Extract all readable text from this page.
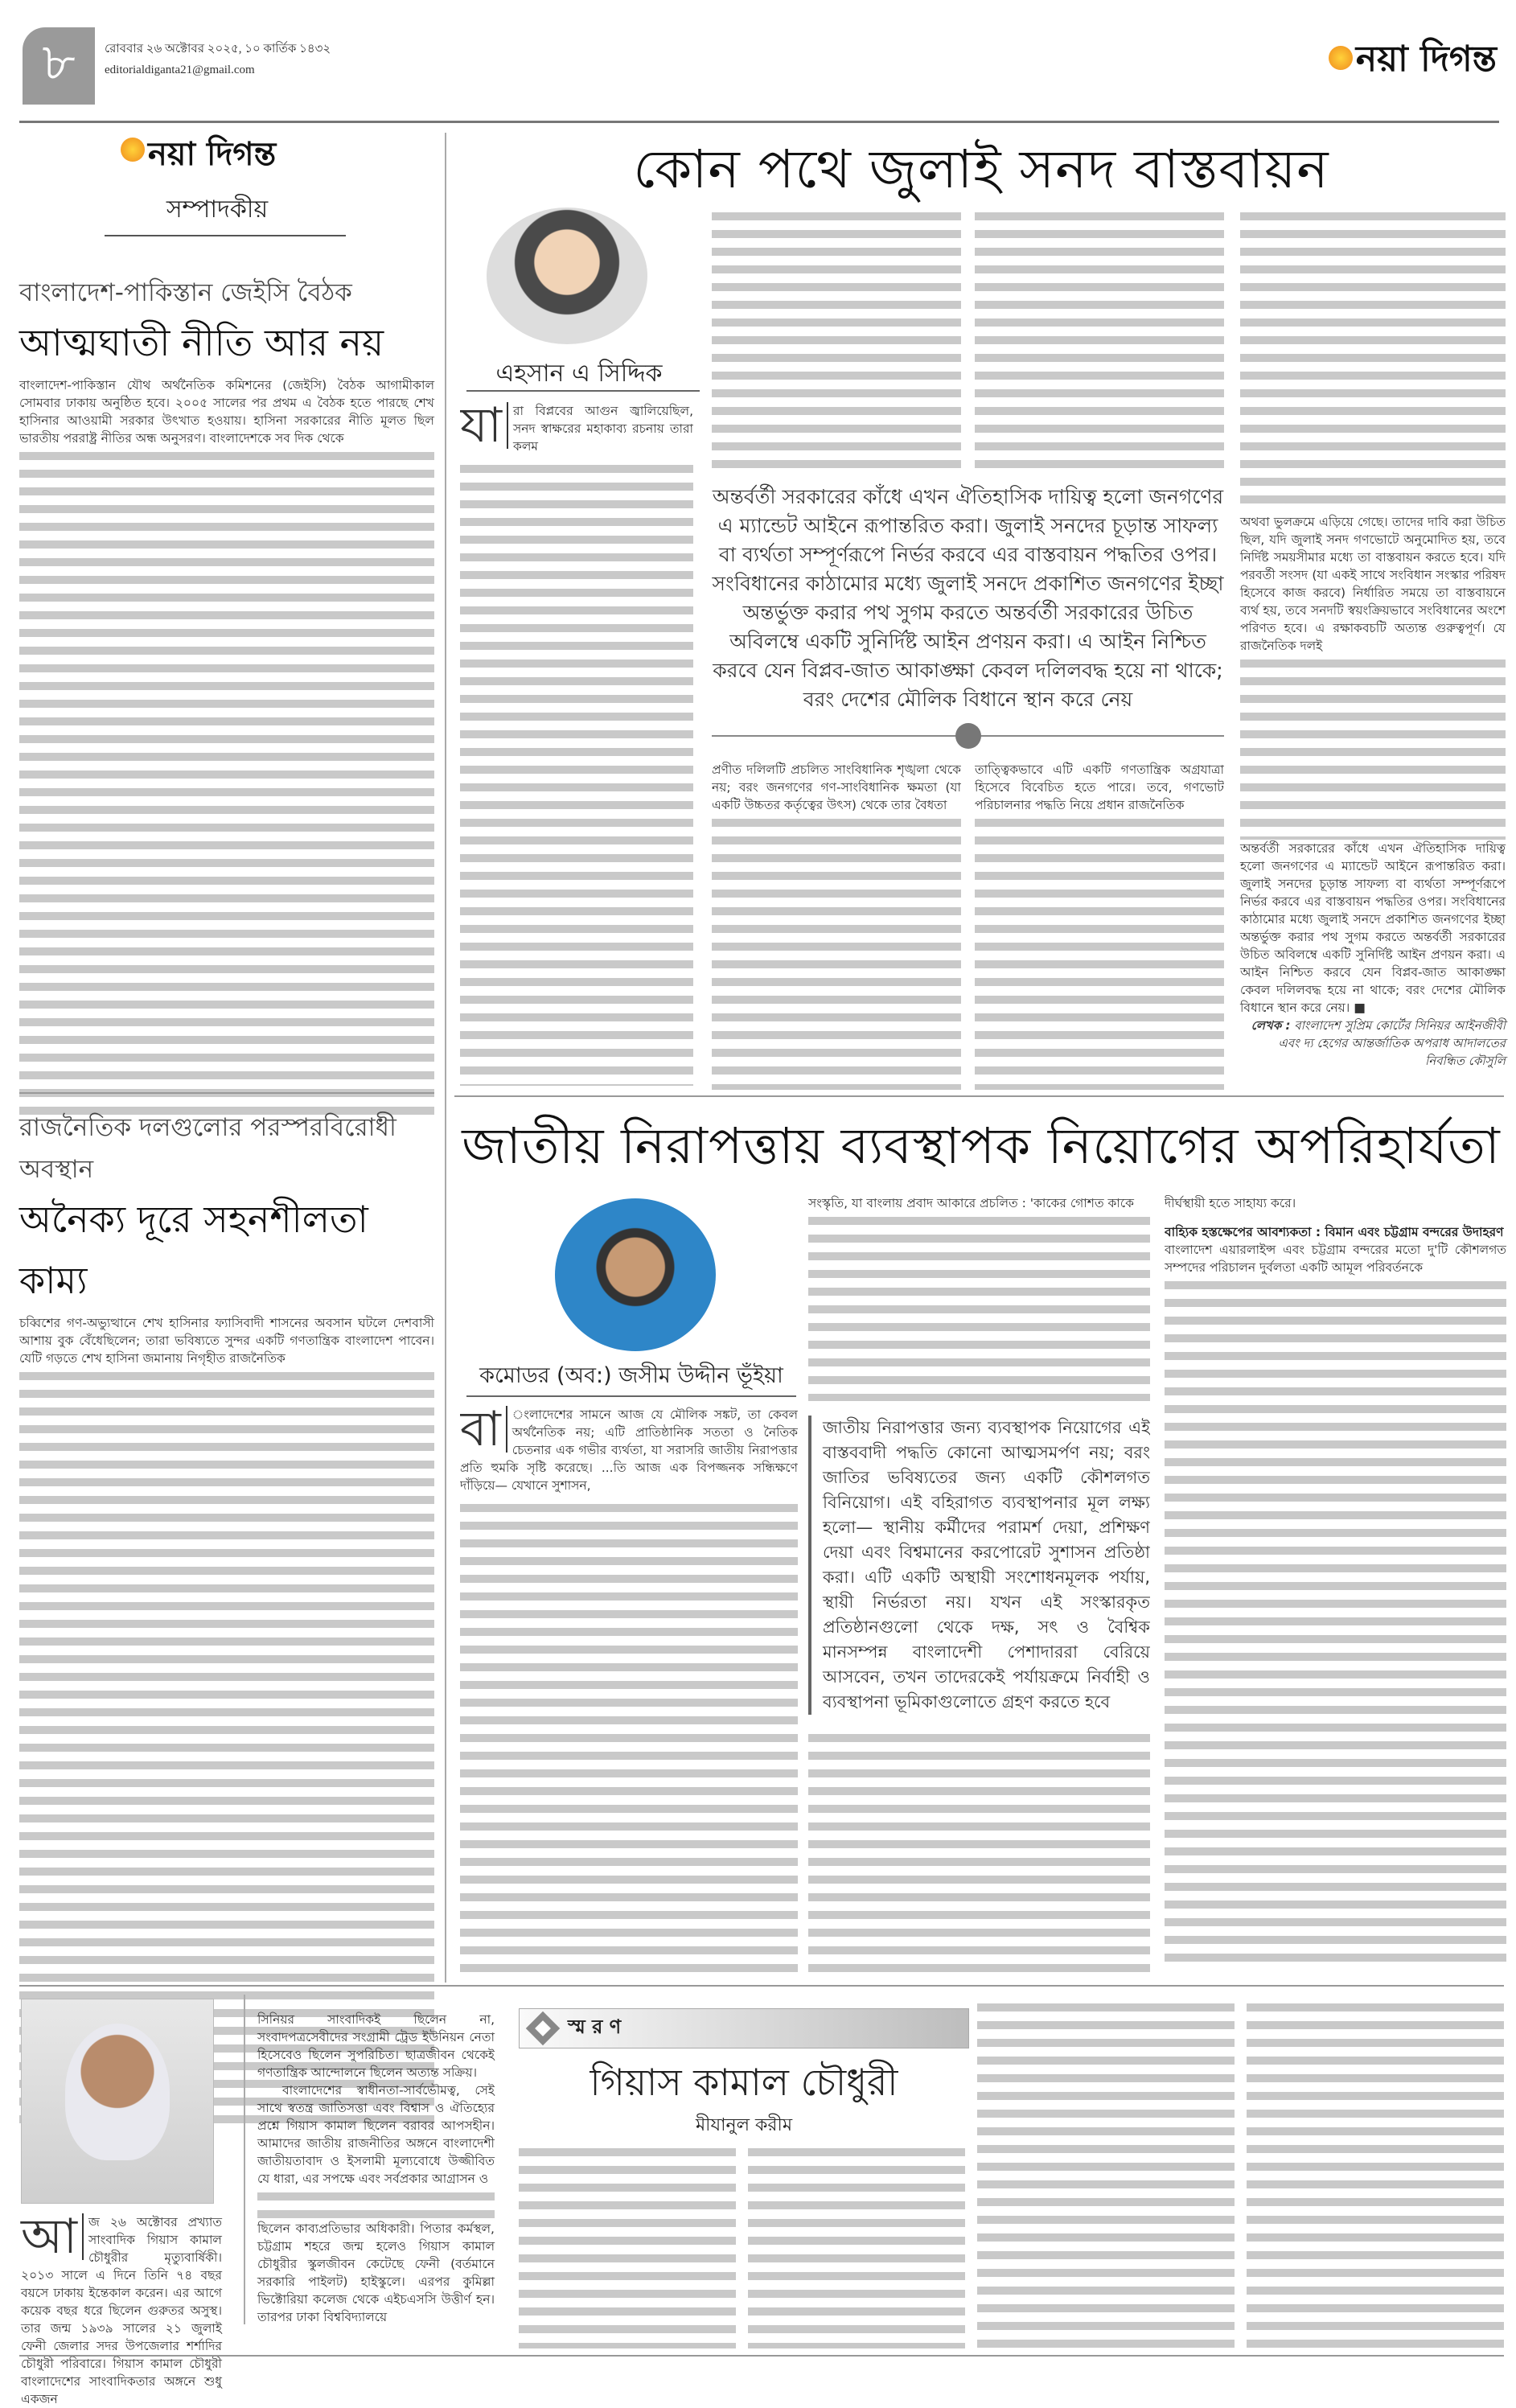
৮ রোববার ২৬ অক্টোবর ২০২৫, ১০ কার্তিক ১৪৩২
editorialdiganta21@gmail.com	নয়া দিগন্ত
নয়া দিগন্ত
সম্পাদকীয়
বাংলাদেশ-পাকিস্তান জেইসি বৈঠক
আত্মঘাতী নীতি আর নয়

বাংলাদেশ-পাকিস্তান যৌথ অর্থনৈতিক কমিশনের (জেইসি) বৈঠক আগামীকাল সোমবার ঢাকায় অনুষ্ঠিত হবে। ২০০৫ সালের পর প্রথম এ বৈঠক হতে পারছে শেখ হাসিনার আওয়ামী সরকার উৎখাত হওয়ায়। হাসিনা সরকারের নীতি মূলত ছিল ভারতীয় পররাষ্ট্র নীতির অন্ধ অনুসরণ। বাংলাদেশকে সব দিক থেকে

রাজনৈতিক দলগুলোর পরস্পরবিরোধী অবস্থান
অনৈক্য দূরে সহনশীলতা কাম্য

চব্বিশের গণ-অভ্যুত্থানে শেখ হাসিনার ফ্যাসিবাদী শাসনের অবসান ঘটলে দেশবাসী আশায় বুক বেঁধেছিলেন; তারা ভবিষ্যতে সুন্দর একটি গণতান্ত্রিক বাংলাদেশ পাবেন। যেটি গড়তে শেখ হাসিনা জমানায় নিগৃহীত রাজনৈতিক

কোন পথে জুলাই সনদ বাস্তবায়ন
এহসান এ সিদ্দিক
যা রা বিপ্লবের আগুন জ্বালিয়েছিল, সনদ স্বাক্ষরের মহাকাব্য রচনায় তারা কলম
অন্তর্বর্তী সরকারের কাঁধে এখন ঐতিহাসিক দায়িত্ব হলো জনগণের এ ম্যান্ডেট আইনে রূপান্তরিত করা। জুলাই সনদের চূড়ান্ত সাফল্য বা ব্যর্থতা সম্পূর্ণরূপে নির্ভর করবে এর বাস্তবায়ন পদ্ধতির ওপর। সংবিধানের কাঠামোর মধ্যে জুলাই সনদে প্রকাশিত জনগণের ইচ্ছা অন্তর্ভুক্ত করার পথ সুগম করতে অন্তর্বর্তী সরকারের উচিত অবিলম্বে একটি সুনির্দিষ্ট আইন প্রণয়ন করা। এ আইন নিশ্চিত করবে যেন বিপ্লব-জাত আকাঙ্ক্ষা কেবল দলিলবদ্ধ হয়ে না থাকে; বরং দেশের মৌলিক বিধানে স্থান করে নেয়

প্রণীত দলিলটি প্রচলিত সাংবিধানিক শৃঙ্খলা থেকে নয়; বরং জনগণের গণ-সাংবিধানিক ক্ষমতা (যা একটি উচ্চতর কর্তৃত্বের উৎস) থেকে তার বৈধতা

তাত্ত্বিকভাবে এটি একটি গণতান্ত্রিক অগ্রযাত্রা হিসেবে বিবেচিত হতে পারে। তবে, গণভোট পরিচালনার পদ্ধতি নিয়ে প্রধান রাজনৈতিক

অথবা ভুলক্রমে এড়িয়ে গেছে। তাদের দাবি করা উচিত ছিল, যদি জুলাই সনদ গণভোটে অনুমোদিত হয়, তবে নির্দিষ্ট সময়সীমার মধ্যে তা বাস্তবায়ন করতে হবে। যদি পরবর্তী সংসদ (যা একই সাথে সংবিধান সংস্কার পরিষদ হিসেবে কাজ করবে) নির্ধারিত সময়ে তা বাস্তবায়নে ব্যর্থ হয়, তবে সনদটি স্বয়ংক্রিয়ভাবে সংবিধানের অংশে পরিণত হবে। এ রক্ষাকবচটি অত্যন্ত গুরুত্বপূর্ণ। যে রাজনৈতিক দলই

অন্তর্বর্তী সরকারের কাঁধে এখন ঐতিহাসিক দায়িত্ব হলো জনগণের এ ম্যান্ডেট আইনে রূপান্তরিত করা। জুলাই সনদের চূড়ান্ত সাফল্য বা ব্যর্থতা সম্পূর্ণরূপে নির্ভর করবে এর বাস্তবায়ন পদ্ধতির ওপর। সংবিধানের কাঠামোর মধ্যে জুলাই সনদে প্রকাশিত জনগণের ইচ্ছা অন্তর্ভুক্ত করার পথ সুগম করতে অন্তর্বর্তী সরকারের উচিত অবিলম্বে একটি সুনির্দিষ্ট আইন প্রণয়ন করা। এ আইন নিশ্চিত করবে যেন বিপ্লব-জাত আকাঙ্ক্ষা কেবল দলিলবদ্ধ হয়ে না থাকে; বরং দেশের মৌলিক বিধানে স্থান করে নেয়। ■

লেখক : বাংলাদেশ সুপ্রিম কোর্টের সিনিয়র আইনজীবী এবং দ্য হেগের আন্তর্জাতিক অপরাধ আদালতের নিবন্ধিত কৌসুলি
জাতীয় নিরাপত্তায় ব্যবস্থাপক নিয়োগের অপরিহার্যতা
কমোডর (অব:) জসীম উদ্দীন ভূঁইয়া
বা ংলাদেশের সামনে আজ যে মৌলিক সঙ্কট, তা কেবল অর্থনৈতিক নয়; এটি প্রাতিষ্ঠানিক সততা ও নৈতিক চেতনার এক গভীর ব্যর্থতা, যা সরাসরি জাতীয় নিরাপত্তার প্রতি হুমকি সৃষ্টি করেছে। ...তি আজ এক বিপজ্জনক সন্ধিক্ষণে দাঁড়িয়ে— যেখানে সুশাসন,

সংস্কৃতি, যা বাংলায় প্রবাদ আকারে প্রচলিত : 'কাকের গোশত কাকে

জাতীয় নিরাপত্তার জন্য ব্যবস্থাপক নিয়োগের এই বাস্তববাদী পদ্ধতি কোনো আত্মসমর্পণ নয়; বরং জাতির ভবিষ্যতের জন্য একটি কৌশলগত বিনিয়োগ। এই বহিরাগত ব্যবস্থাপনার মূল লক্ষ্য হলো— স্থানীয় কর্মীদের পরামর্শ দেয়া, প্রশিক্ষণ দেয়া এবং বিশ্বমানের করপোরেট সুশাসন প্রতিষ্ঠা করা। এটি একটি অস্থায়ী সংশোধনমূলক পর্যায়, স্থায়ী নির্ভরতা নয়। যখন এই সংস্কারকৃত প্রতিষ্ঠানগুলো থেকে দক্ষ, সৎ ও বৈশ্বিক মানসম্পন্ন বাংলাদেশী পেশাদাররা বেরিয়ে আসবেন, তখন তাদেরকেই পর্যায়ক্রমে নির্বাহী ও ব্যবস্থাপনা ভূমিকাগুলোতে গ্রহণ করতে হবে

দীর্ঘস্থায়ী হতে সাহায্য করে।

বাহ্যিক হস্তক্ষেপের আবশ্যকতা : বিমান এবং চট্টগ্রাম বন্দরের উদাহরণ

বাংলাদেশ এয়ারলাইন্স এবং চট্টগ্রাম বন্দরের মতো দু'টি কৌশলগত সম্পদের পরিচালন দুর্বলতা একটি আমূল পরিবর্তনকে

আ জ ২৬ অক্টোবর প্রখ্যাত সাংবাদিক গিয়াস কামাল চৌধুরীর মৃত্যুবার্ষিকী। ২০১৩ সালে এ দিনে তিনি ৭৪ বছর বয়সে ঢাকায় ইন্তেকাল করেন। এর আগে কয়েক বছর ধরে ছিলেন গুরুতর অসুস্থ। তার জন্ম ১৯৩৯ সালের ২১ জুলাই ফেনী জেলার সদর উপজেলার শর্শাদির চৌধুরী পরিবারে। গিয়াস কামাল চৌধুরী বাংলাদেশের সাংবাদিকতার অঙ্গনে শুধু একজন

সিনিয়র সাংবাদিকই ছিলেন না, সংবাদপত্রসেবীদের সংগ্রামী ট্রেড ইউনিয়ন নেতা হিসেবেও ছিলেন সুপরিচিত। ছাত্রজীবন থেকেই গণতান্ত্রিক আন্দোলনে ছিলেন অত্যন্ত সক্রিয়।

বাংলাদেশের স্বাধীনতা-সার্বভৌমত্ব, সেই সাথে স্বতন্ত্র জাতিসত্তা এবং বিশ্বাস ও ঐতিহ্যের প্রশ্নে গিয়াস কামাল ছিলেন বরাবর আপসহীন। আমাদের জাতীয় রাজনীতির অঙ্গনে বাংলাদেশী জাতীয়তাবাদ ও ইসলামী মূল্যবোধে উজ্জীবিত যে ধারা, এর সপক্ষে এবং সর্বপ্রকার আগ্রাসন ও

ছিলেন কাব্যপ্রতিভার অধিকারী। পিতার কর্মস্থল, চট্টগ্রাম শহরে জন্ম হলেও গিয়াস কামাল চৌধুরীর স্কুলজীবন কেটেছে ফেনী (বর্তমানে সরকারি পাইলট) হাইস্কুলে। এরপর কুমিল্লা ভিক্টোরিয়া কলেজ থেকে এইচএসসি উত্তীর্ণ হন। তারপর ঢাকা বিশ্ববিদ্যালয়ে

স্ম র ণ
গিয়াস কামাল চৌধুরী
মীযানুল করীম
